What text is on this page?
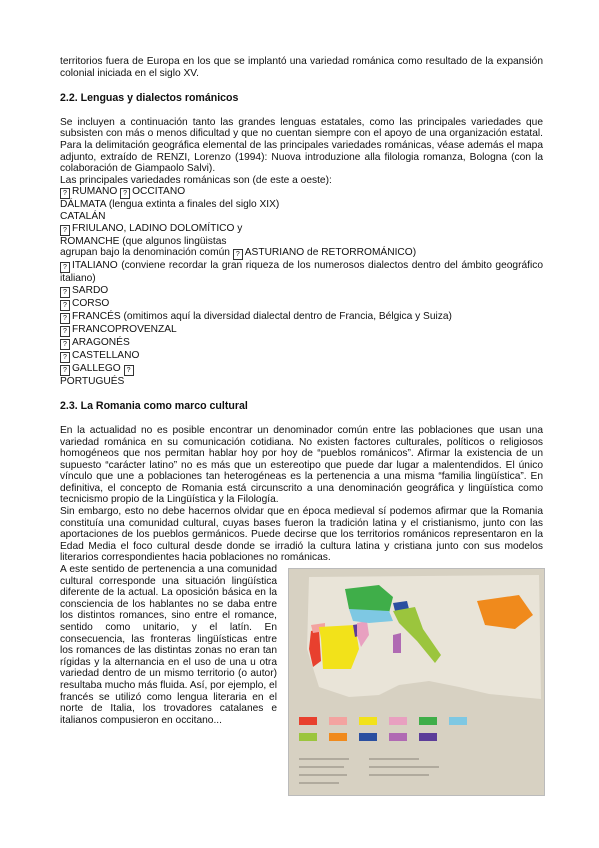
territorios fuera de Europa en los que se implantó una variedad románica como resultado de la expansión colonial iniciada en el siglo XV.

2.2. Lenguas y dialectos románicos

Se incluyen a continuación tanto las grandes lenguas estatales, como las principales variedades que subsisten con más o menos dificultad y que no cuentan siempre con el apoyo de una organización estatal. Para la delimitación geográfica elemental de las principales variedades románicas, véase además el mapa adjunto, extraído de RENZI, Lorenzo (1994): Nuova introduzione alla filologia romanza, Bologna (con la colaboración de Giampaolo Salvi).

Las principales variedades románicas son (de este a oeste):
? RUMANO ? OCCITANO
DÁLMATA (lengua extinta a finales del siglo XIX)
CATALÁN
? FRIULANO, LADINO DOLOMÍTICO y
ROMANCHE (que algunos lingüistas
agrupan bajo la denominación común ? ASTURIANO de RETORROMÁNICO)
? ITALIANO (conviene recordar la gran riqueza de los numerosos dialectos dentro del ámbito geográfico italiano)
? SARDO
? CORSO
? FRANCÉS (omitimos aquí la diversidad dialectal dentro de Francia, Bélgica y Suiza)
? FRANCOPROVENZAL
? ARAGONÉS
? CASTELLANO
? GALLEGO ?
PORTUGUÉS
2.3. La Romania como marco cultural

En la actualidad no es posible encontrar un denominador común entre las poblaciones que usan una variedad románica en su comunicación cotidiana. No existen factores culturales, políticos o religiosos homogéneos que nos permitan hablar hoy por hoy de “pueblos románicos”. Afirmar la existencia de un supuesto “carácter latino” no es más que un estereotipo que puede dar lugar a malentendidos. El único vínculo que une a poblaciones tan heterogéneas es la pertenencia a una misma “familia lingüística”. En definitiva, el concepto de Romania está circunscrito a una denominación geográfica y lingüística como tecnicismo propio de la Lingüística y la Filología.

Sin embargo, esto no debe hacernos olvidar que en época medieval sí podemos afirmar que la Romania constituía una comunidad cultural, cuyas bases fueron la tradición latina y el cristianismo, junto con las aportaciones de los pueblos germánicos. Puede decirse que los territorios románicos representaron en la Edad Media el foco cultural desde donde se irradió la cultura latina y cristiana junto con sus modelos literarios correspondientes hacia poblaciones no románicas.

A este sentido de pertenencia a una comunidad cultural corresponde una situación lingüística diferente de la actual. La oposición básica en la consciencia de los hablantes no se daba entre los distintos romances, sino entre el romance, sentido como unitario, y el latín. En consecuencia, las fronteras lingüísticas entre los romances de las distintas zonas no eran tan rígidas y la alternancia en el uso de una u otra variedad dentro de un mismo territorio (o autor) resultaba mucho más fluida. Así, por ejemplo, el francés se utilizó como lengua literaria en el norte de Italia, los trovadores catalanes e italianos compusieron en occitano...
